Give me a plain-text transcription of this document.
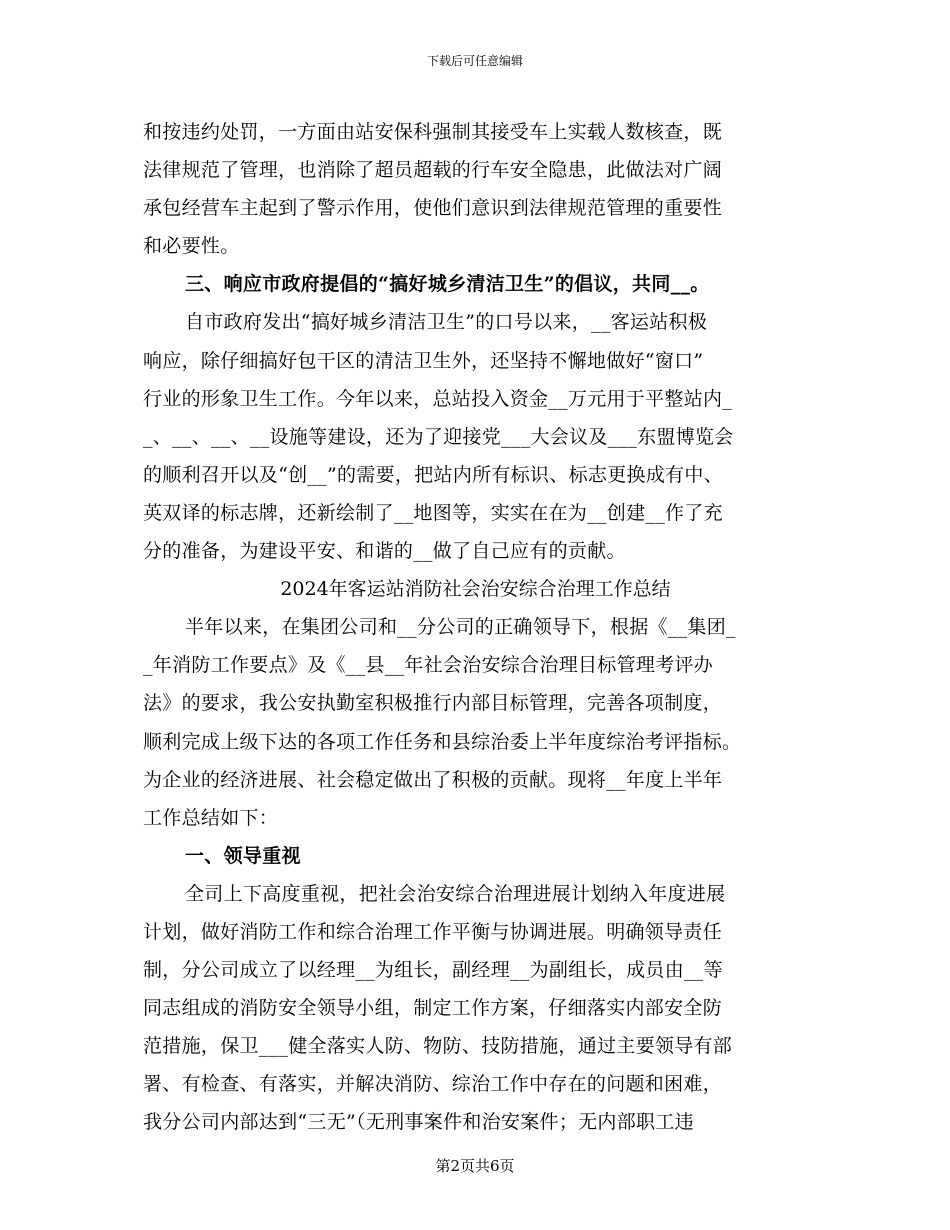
下载后可任意编辑
和按违约处罚，一方面由站安保科强制其接受车上实载人数核查，既
法律规范了管理，也消除了超员超载的行车安全隐患，此做法对广阔
承包经营车主起到了警示作用，使他们意识到法律规范管理的重要性
和必要性。
三、响应市政府提倡的“搞好城乡清洁卫生”的倡议，共同__。
自市政府发出“搞好城乡清洁卫生”的口号以来，__客运站积极
响应，除仔细搞好包干区的清洁卫生外，还坚持不懈地做好“窗口”
行业的形象卫生工作。今年以来，总站投入资金__万元用于平整站内_
_、__、__、__设施等建设，还为了迎接党___大会议及___东盟博览会
的顺利召开以及“创__”的需要，把站内所有标识、标志更换成有中、
英双译的标志牌，还新绘制了__地图等，实实在在为__创建__作了充
分的准备，为建设平安、和谐的__做了自己应有的贡献。
2024年客运站消防社会治安综合治理工作总结
半年以来，在集团公司和__分公司的正确领导下，根据《__集团_
_年消防工作要点》及《__县__年社会治安综合治理目标管理考评办
法》的要求，我公安执勤室积极推行内部目标管理，完善各项制度，
顺利完成上级下达的各项工作任务和县综治委上半年度综治考评指标。
为企业的经济进展、社会稳定做出了积极的贡献。现将__年度上半年
工作总结如下：
一、领导重视
全司上下高度重视，把社会治安综合治理进展计划纳入年度进展
计划，做好消防工作和综合治理工作平衡与协调进展。明确领导责任
制，分公司成立了以经理__为组长，副经理__为副组长，成员由__等
同志组成的消防安全领导小组，制定工作方案，仔细落实内部安全防
范措施，保卫___健全落实人防、物防、技防措施，通过主要领导有部
署、有检查、有落实，并解决消防、综治工作中存在的问题和困难，
我分公司内部达到“三无”（无刑事案件和治安案件；无内部职工违
第2页共6页
